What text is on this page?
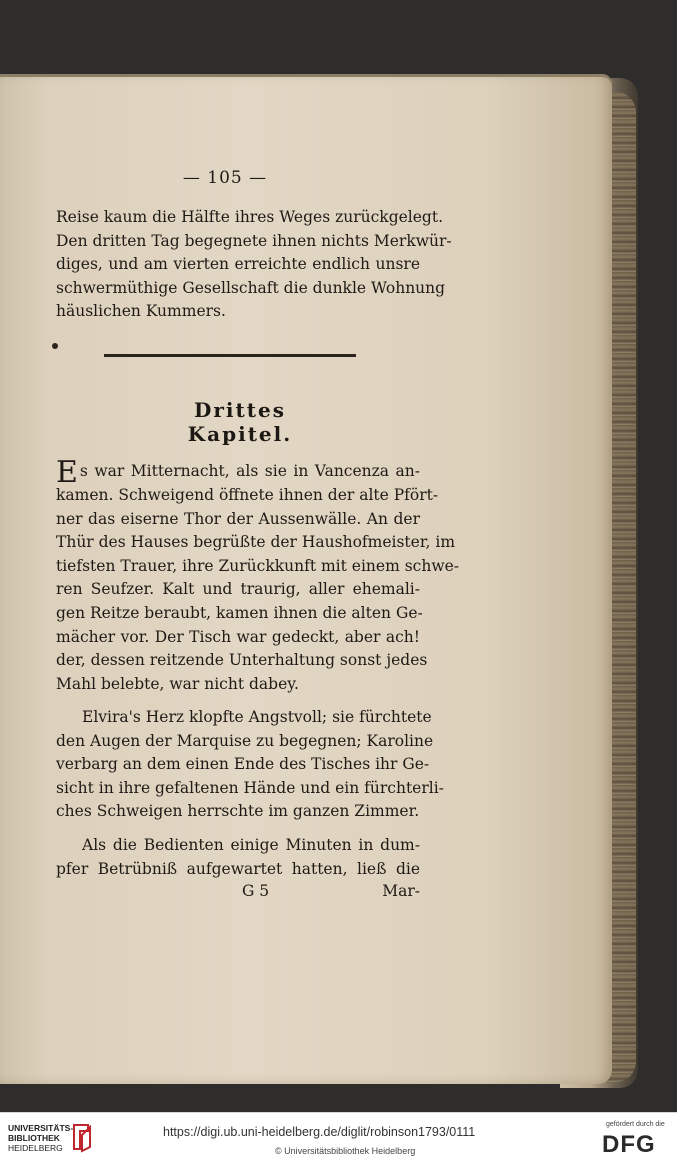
— 105 —
Reise kaum die Hälfte ihres Weges zurückgelegt.
Den dritten Tag begegnete ihnen nichts Merkwür-
diges, und am vierten erreichte endlich unsre
schwermüthige Gesellschaft die dunkle Wohnung
häuslichen Kummers.
Drittes Kapitel.
Es war Mitternacht, als sie in Vancenza an-
kamen. Schweigend öffnete ihnen der alte Pfört-
ner das eiserne Thor der Aussenwälle. An der
Thür des Hauses begrüßte der Haushofmeister, im
tiefsten Trauer, ihre Zurückkunft mit einem schwe-
ren Seufzer. Kalt und traurig, aller ehemali-
gen Reitze beraubt, kamen ihnen die alten Ge-
mächer vor. Der Tisch war gedeckt, aber ach!
der, dessen reitzende Unterhaltung sonst jedes
Mahl belebte, war nicht dabey.
Elvira's Herz klopfte Angstvoll; sie fürchtete
den Augen der Marquise zu begegnen; Karoline
verbarg an dem einen Ende des Tisches ihr Ge-
sicht in ihre gefaltenen Hände und ein fürchterli-
ches Schweigen herrschte im ganzen Zimmer.
Als die Bedienten einige Minuten in dum-
pfer Betrübniß aufgewartet hatten, ließ die
G 5	Mar-
UNIVERSITÄTS-
BIBLIOTHEK
HEIDELBERG
https://digi.ub.uni-heidelberg.de/diglit/robinson1793/0111
© Universitätsbibliothek Heidelberg
gefördert durch die
DFG
